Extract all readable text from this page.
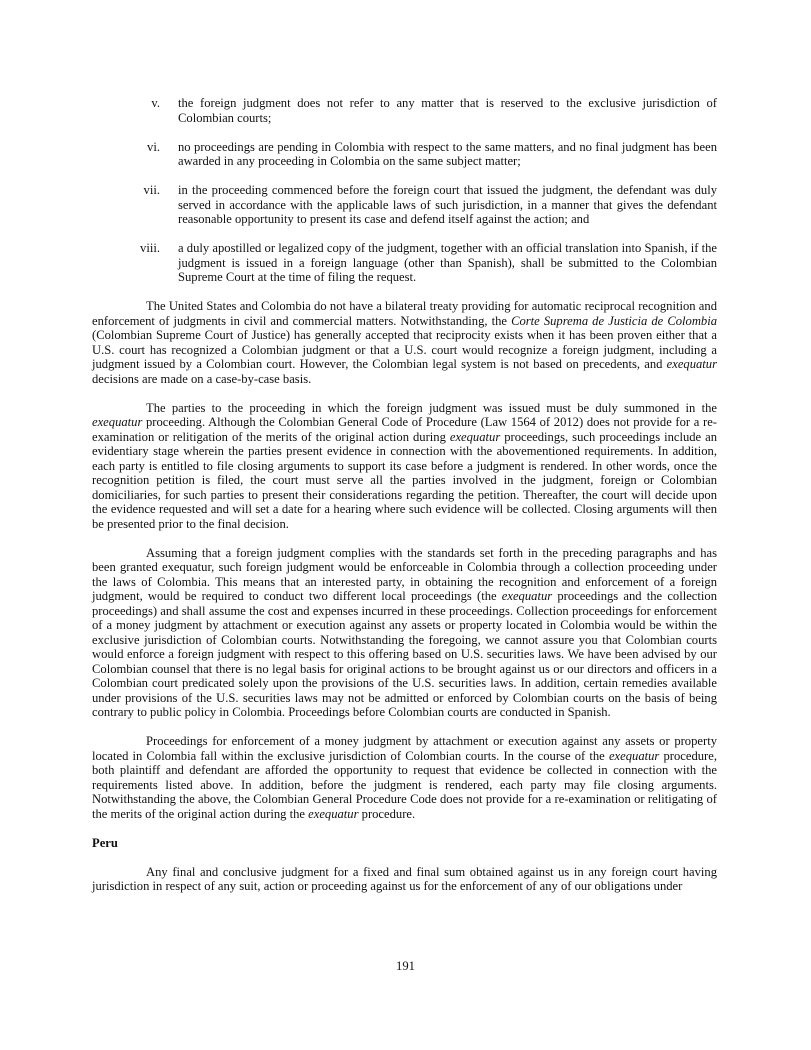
v.	the foreign judgment does not refer to any matter that is reserved to the exclusive jurisdiction of Colombian courts;
vi.	no proceedings are pending in Colombia with respect to the same matters, and no final judgment has been awarded in any proceeding in Colombia on the same subject matter;
vii.	in the proceeding commenced before the foreign court that issued the judgment, the defendant was duly served in accordance with the applicable laws of such jurisdiction, in a manner that gives the defendant reasonable opportunity to present its case and defend itself against the action; and
viii.	a duly apostilled or legalized copy of the judgment, together with an official translation into Spanish, if the judgment is issued in a foreign language (other than Spanish), shall be submitted to the Colombian Supreme Court at the time of filing the request.

The United States and Colombia do not have a bilateral treaty providing for automatic reciprocal recognition and enforcement of judgments in civil and commercial matters. Notwithstanding, the Corte Suprema de Justicia de Colombia (Colombian Supreme Court of Justice) has generally accepted that reciprocity exists when it has been proven either that a U.S. court has recognized a Colombian judgment or that a U.S. court would recognize a foreign judgment, including a judgment issued by a Colombian court. However, the Colombian legal system is not based on precedents, and exequatur decisions are made on a case-by-case basis.

The parties to the proceeding in which the foreign judgment was issued must be duly summoned in the exequatur proceeding. Although the Colombian General Code of Procedure (Law 1564 of 2012) does not provide for a re-examination or relitigation of the merits of the original action during exequatur proceedings, such proceedings include an evidentiary stage wherein the parties present evidence in connection with the abovementioned requirements. In addition, each party is entitled to file closing arguments to support its case before a judgment is rendered. In other words, once the recognition petition is filed, the court must serve all the parties involved in the judgment, foreign or Colombian domiciliaries, for such parties to present their considerations regarding the petition. Thereafter, the court will decide upon the evidence requested and will set a date for a hearing where such evidence will be collected. Closing arguments will then be presented prior to the final decision.

Assuming that a foreign judgment complies with the standards set forth in the preceding paragraphs and has been granted exequatur, such foreign judgment would be enforceable in Colombia through a collection proceeding under the laws of Colombia. This means that an interested party, in obtaining the recognition and enforcement of a foreign judgment, would be required to conduct two different local proceedings (the exequatur proceedings and the collection proceedings) and shall assume the cost and expenses incurred in these proceedings. Collection proceedings for enforcement of a money judgment by attachment or execution against any assets or property located in Colombia would be within the exclusive jurisdiction of Colombian courts. Notwithstanding the foregoing, we cannot assure you that Colombian courts would enforce a foreign judgment with respect to this offering based on U.S. securities laws. We have been advised by our Colombian counsel that there is no legal basis for original actions to be brought against us or our directors and officers in a Colombian court predicated solely upon the provisions of the U.S. securities laws. In addition, certain remedies available under provisions of the U.S. securities laws may not be admitted or enforced by Colombian courts on the basis of being contrary to public policy in Colombia. Proceedings before Colombian courts are conducted in Spanish.

Proceedings for enforcement of a money judgment by attachment or execution against any assets or property located in Colombia fall within the exclusive jurisdiction of Colombian courts. In the course of the exequatur procedure, both plaintiff and defendant are afforded the opportunity to request that evidence be collected in connection with the requirements listed above. In addition, before the judgment is rendered, each party may file closing arguments. Notwithstanding the above, the Colombian General Procedure Code does not provide for a re-examination or relitigating of the merits of the original action during the exequatur procedure.

Peru

Any final and conclusive judgment for a fixed and final sum obtained against us in any foreign court having jurisdiction in respect of any suit, action or proceeding against us for the enforcement of any of our obligations under

191
